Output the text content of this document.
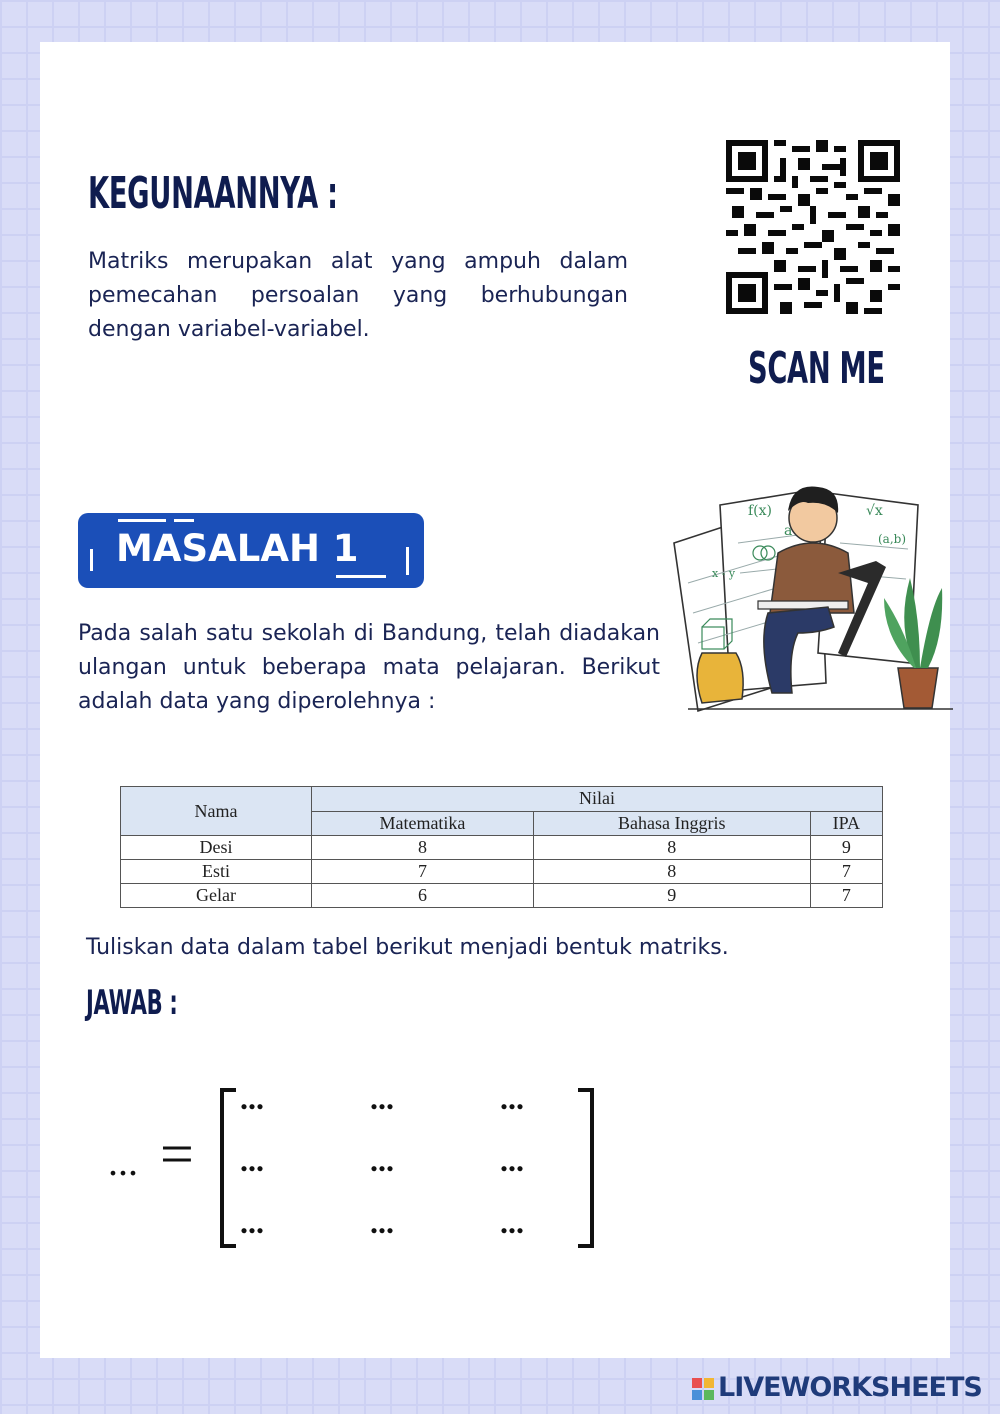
KEGUNAANNYA :
Matriks merupakan alat yang ampuh dalam pemecahan persoalan yang berhubungan dengan variabel-variabel.
SCAN ME
MASALAH 1
Pada salah satu sekolah di Bandung, telah diadakan ulangan untuk beberapa mata pelajaran. Berikut adalah data yang diperolehnya :
f(x)
a
√x
(a,b)
x - y
Nama	Nilai		
	Matematika	Bahasa Inggris	IPA
Desi	8	8	9
Esti	7	8	7
Gelar	6	9	7
Tuliskan data dalam tabel berikut menjadi bentuk matriks.
JAWAB :
... =
...	...	...
...	...	...
...	...	...
LIVEWORKSHEETS
